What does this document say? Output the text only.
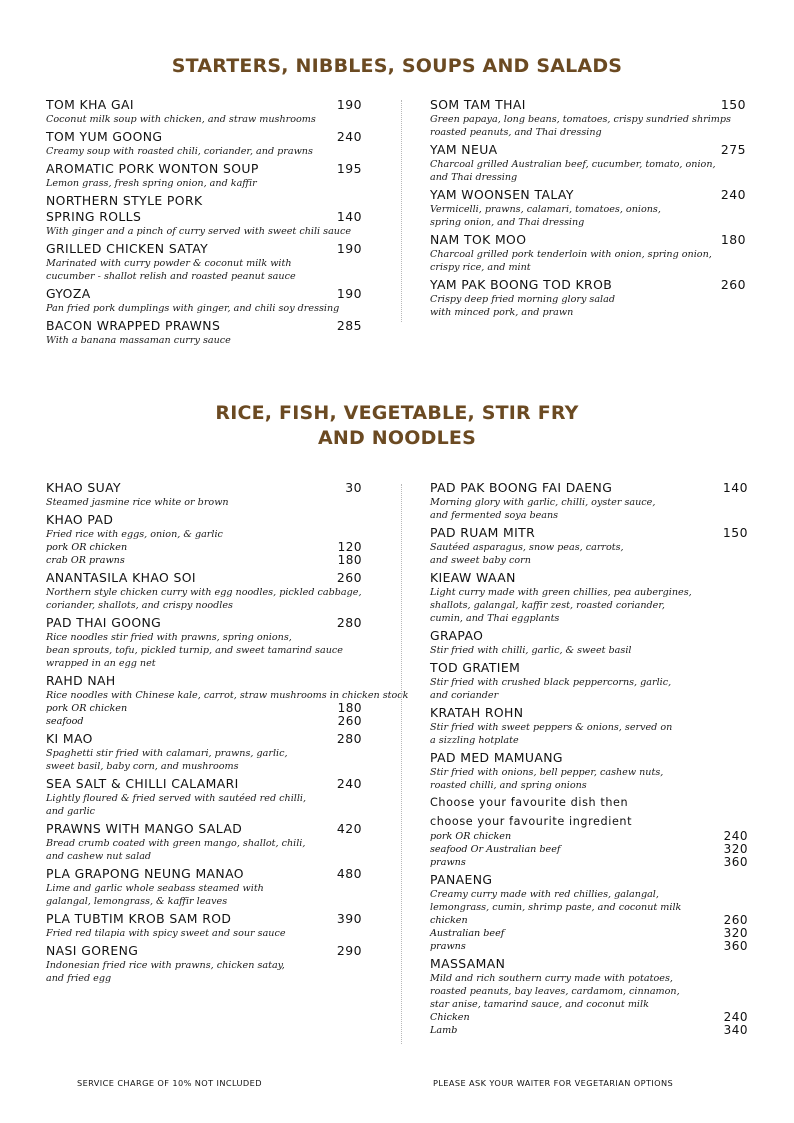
STARTERS, NIBBLES, SOUPS AND SALADS
TOM KHA GAI	190
Coconut milk soup with chicken, and straw mushrooms
TOM YUM GOONG	240
Creamy soup with roasted chili, coriander, and prawns
AROMATIC PORK WONTON SOUP	195
Lemon grass, fresh spring onion, and kaffir
NORTHERN STYLE PORK
SPRING ROLLS	140
With ginger and a pinch of curry served with sweet chili sauce
GRILLED CHICKEN SATAY	190
Marinated with curry powder & coconut milk with
cucumber - shallot relish and roasted peanut sauce
GYOZA	190
Pan fried pork dumplings with ginger, and chili soy dressing
BACON WRAPPED PRAWNS	285
With a banana massaman curry sauce
SOM TAM THAI	150
Green papaya, long beans, tomatoes, crispy sundried shrimps
roasted peanuts, and Thai dressing
YAM NEUA	275
Charcoal grilled Australian beef, cucumber, tomato, onion,
and Thai dressing
YAM WOONSEN TALAY	240
Vermicelli, prawns, calamari, tomatoes, onions,
spring onion, and Thai dressing
NAM TOK MOO	180
Charcoal grilled pork tenderloin with onion, spring onion,
crispy rice, and mint
YAM PAK BOONG TOD KROB	260
Crispy deep fried morning glory salad
with minced pork, and prawn
RICE, FISH, VEGETABLE, STIR FRY
AND NOODLES
KHAO SUAY	30
Steamed jasmine rice white or brown
KHAO PAD
Fried rice with eggs, onion, & garlic
pork OR chicken	120
crab OR prawns	180
ANANTASILA KHAO SOI	260
Northern style chicken curry with egg noodles, pickled cabbage,
coriander, shallots, and crispy noodles
PAD THAI GOONG	280
Rice noodles stir fried with prawns, spring onions,
bean sprouts, tofu, pickled turnip, and sweet tamarind sauce
wrapped in an egg net
RAHD NAH
Rice noodles with Chinese kale, carrot, straw mushrooms in chicken stock
pork OR chicken	180
seafood	260
KI MAO	280
Spaghetti stir fried with calamari, prawns, garlic,
sweet basil, baby corn, and mushrooms
SEA SALT & CHILLI CALAMARI	240
Lightly floured & fried served with sautéed red chilli,
and garlic
PRAWNS WITH MANGO SALAD	420
Bread crumb coated with green mango, shallot, chili,
and cashew nut salad
PLA GRAPONG NEUNG MANAO	480
Lime and garlic whole seabass steamed with
galangal, lemongrass, & kaffir leaves
PLA TUBTIM KROB SAM ROD	390
Fried red tilapia with spicy sweet and sour sauce
NASI GORENG	290
Indonesian fried rice with prawns, chicken satay,
and fried egg
PAD PAK BOONG FAI DAENG	140
Morning glory with garlic, chilli, oyster sauce,
and fermented soya beans
PAD RUAM MITR	150
Sautéed asparagus, snow peas, carrots,
and sweet baby corn
KIEAW WAAN
Light curry made with green chillies, pea aubergines,
shallots, galangal, kaffir zest, roasted coriander,
cumin, and Thai eggplants
GRAPAO
Stir fried with chilli, garlic, & sweet basil
TOD GRATIEM
Stir fried with crushed black peppercorns, garlic,
and coriander
KRATAH ROHN
Stir fried with sweet peppers & onions, served on
a sizzling hotplate
PAD MED MAMUANG
Stir fried with onions, bell pepper, cashew nuts,
roasted chilli, and spring onions
Choose your favourite dish then
choose your favourite ingredient
pork OR chicken	240
seafood Or Australian beef	320
prawns	360
PANAENG
Creamy curry made with red chillies, galangal,
lemongrass, cumin, shrimp paste, and coconut milk
chicken	260
Australian beef	320
prawns	360
MASSAMAN
Mild and rich southern curry made with potatoes,
roasted peanuts, bay leaves, cardamom, cinnamon,
star anise, tamarind sauce, and coconut milk
Chicken	240
Lamb	340
SERVICE CHARGE OF 10% NOT INCLUDED	PLEASE ASK YOUR WAITER FOR VEGETARIAN OPTIONS
